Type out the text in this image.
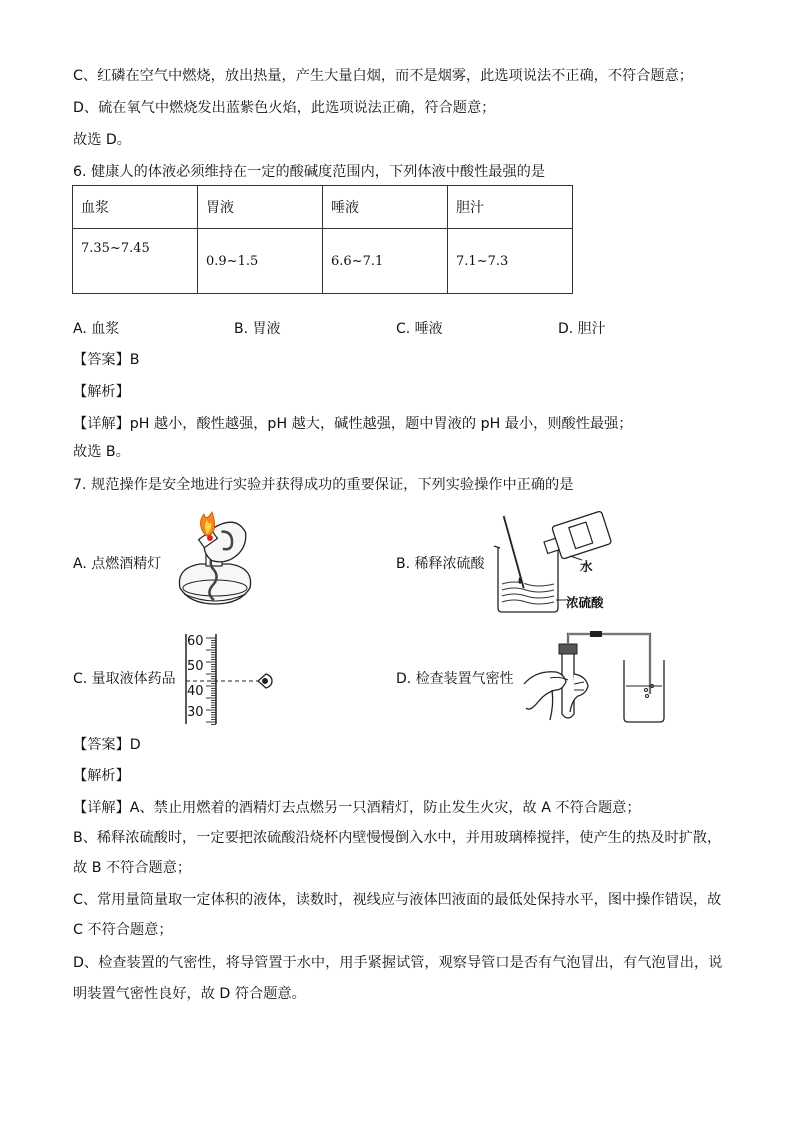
C、红磷在空气中燃烧，放出热量，产生大量白烟，而不是烟雾，此选项说法不正确，不符合题意；
D、硫在氧气中燃烧发出蓝紫色火焰，此选项说法正确，符合题意；
故选 D。
6. 健康人的体液必须维持在一定的酸碱度范围内，下列体液中酸性最强的是
血浆	胃液	唾液	胆汁
7.35~7.45	0.9~1.5	6.6~7.1	7.1~7.3
A. 血浆	B. 胃液	C. 唾液	D. 胆汁
【答案】B
【解析】
【详解】pH 越小，酸性越强，pH 越大，碱性越强，题中胃液的 pH 最小，则酸性最强；
故选 B。
7. 规范操作是安全地进行实验并获得成功的重要保证，下列实验操作中正确的是
A. 点燃酒精灯	B. 稀释浓硫酸
C. 量取液体药品	D. 检查装置气密性
水
浓硫酸
60
50
40
30
【答案】D
【解析】
【详解】A、禁止用燃着的酒精灯去点燃另一只酒精灯，防止发生火灾，故 A 不符合题意；
B、稀释浓硫酸时，一定要把浓硫酸沿烧杯内壁慢慢倒入水中，并用玻璃棒搅拌，使产生的热及时扩散，
故 B 不符合题意；
C、常用量筒量取一定体积的液体，读数时，视线应与液体凹液面的最低处保持水平，图中操作错误，故
C 不符合题意；
D、检查装置的气密性，将导管置于水中，用手紧握试管，观察导管口是否有气泡冒出，有气泡冒出，说
明装置气密性良好，故 D 符合题意。
